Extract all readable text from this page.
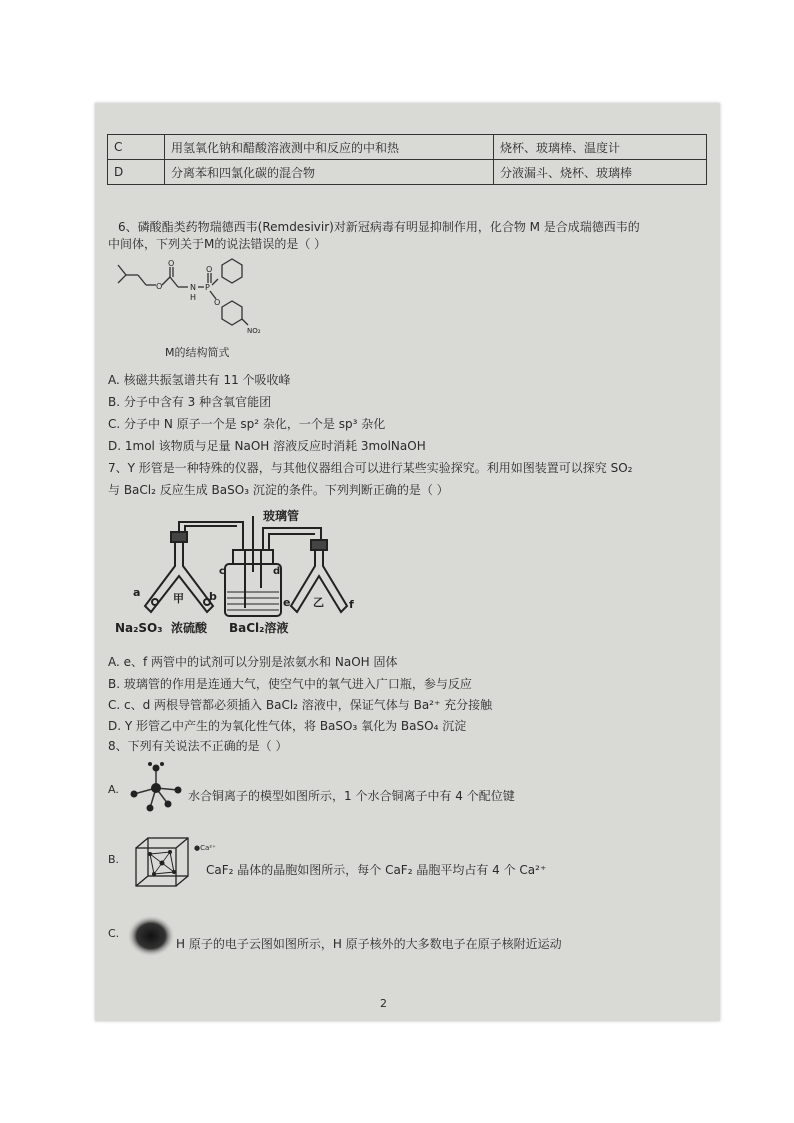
C	用氢氧化钠和醋酸溶液测中和反应的中和热	烧杯、玻璃棒、温度计
D	分离苯和四氯化碳的混合物	分液漏斗、烧杯、玻璃棒
6、磷酸酯类药物瑞德西韦(Remdesivir)对新冠病毒有明显抑制作用，化合物 M 是合成瑞德西韦的
中间体，下列关于M的说法错误的是（ ）
O
O
N
H
P
O
O
NO₂
M的结构简式
A. 核磁共振氢谱共有 11 个吸收峰
B. 分子中含有 3 种含氧官能团
C. 分子中 N 原子一个是 sp² 杂化，一个是 sp³ 杂化
D. 1mol 该物质与足量 NaOH 溶液反应时消耗 3molNaOH
7、Y 形管是一种特殊的仪器，与其他仪器组合可以进行某些实验探究。利用如图装置可以探究 SO₂
与 BaCl₂ 反应生成 BaSO₃ 沉淀的条件。下列判断正确的是（ ）
玻璃管
a	甲 b
c	d
e 乙 f
Na₂SO₃ 浓硫酸 BaCl₂溶液
A. e、f 两管中的试剂可以分别是浓氨水和 NaOH 固体
B. 玻璃管的作用是连通大气，使空气中的氧气进入广口瓶，参与反应
C. c、d 两根导管都必须插入 BaCl₂ 溶液中，保证气体与 Ba²⁺ 充分接触
D. Y 形管乙中产生的为氧化性气体，将 BaSO₃ 氧化为 BaSO₄ 沉淀
8、下列有关说法不正确的是（ ）
A.	水合铜离子的模型如图所示，1 个水合铜离子中有 4 个配位键
B.
●Ca²⁺
CaF₂ 晶体的晶胞如图所示，每个 CaF₂ 晶胞平均占有 4 个 Ca²⁺
C.
H 原子的电子云图如图所示，H 原子核外的大多数电子在原子核附近运动
2
